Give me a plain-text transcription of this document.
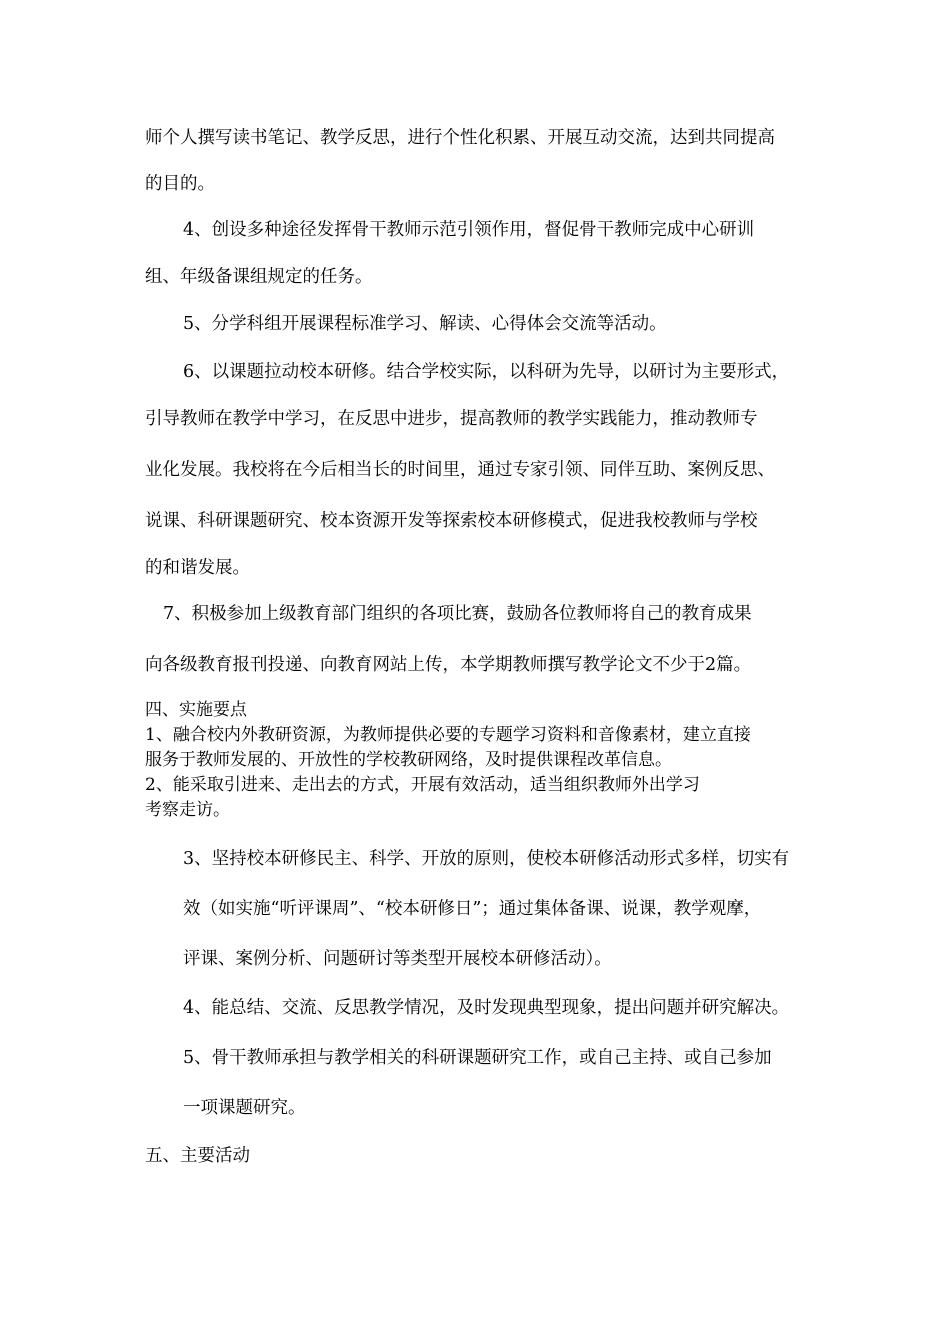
师个人撰写读书笔记、教学反思，进行个性化积累、开展互动交流，达到共同提高
的目的。
4、创设多种途径发挥骨干教师示范引领作用，督促骨干教师完成中心研训
组、年级备课组规定的任务。
5、分学科组开展课程标准学习、解读、心得体会交流等活动。
6、以课题拉动校本研修。结合学校实际，以科研为先导，以研讨为主要形式，
引导教师在教学中学习，在反思中进步，提高教师的教学实践能力，推动教师专
业化发展。我校将在今后相当长的时间里，通过专家引领、同伴互助、案例反思、
说课、科研课题研究、校本资源开发等探索校本研修模式，促进我校教师与学校
的和谐发展。
7、积极参加上级教育部门组织的各项比赛，鼓励各位教师将自己的教育成果
向各级教育报刊投递、向教育网站上传，本学期教师撰写教学论文不少于2篇。
四、实施要点
1、融合校内外教研资源，为教师提供必要的专题学习资料和音像素材，建立直接
服务于教师发展的、开放性的学校教研网络，及时提供课程改革信息。
2、能采取引进来、走出去的方式，开展有效活动，适当组织教师外出学习
考察走访。
3、坚持校本研修民主、科学、开放的原则，使校本研修活动形式多样，切实有
效（如实施“听评课周”、“校本研修日”；通过集体备课、说课，教学观摩，
评课、案例分析、问题研讨等类型开展校本研修活动）。
4、能总结、交流、反思教学情况，及时发现典型现象，提出问题并研究解决。
5、骨干教师承担与教学相关的科研课题研究工作，或自己主持、或自己参加
一项课题研究。
五、主要活动
